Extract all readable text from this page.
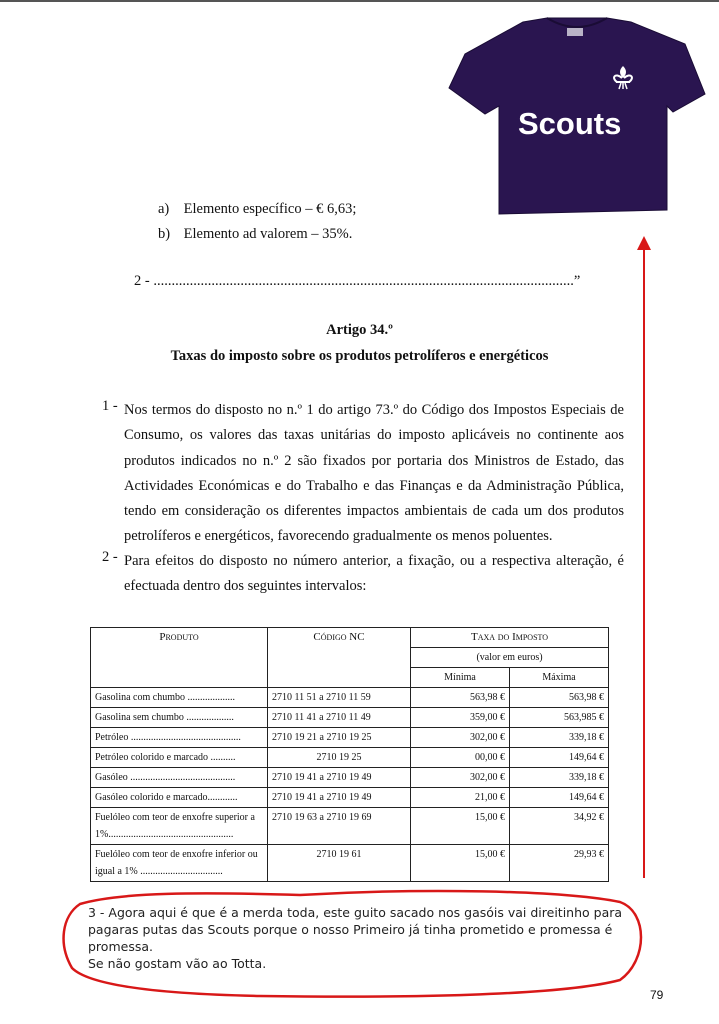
Scouts
a) Elemento específico – € 6,63;
b) Elemento ad valorem – 35%.
2 - ....................................................................................................................”
Artigo 34.º
Taxas do imposto sobre os produtos petrolíferos e energéticos
1 - Nos termos do disposto no n.º 1 do artigo 73.º do Código dos Impostos Especiais de Consumo, os valores das taxas unitárias do imposto aplicáveis no continente aos produtos indicados no n.º 2 são fixados por portaria dos Ministros de Estado, das Actividades Económicas e do Trabalho e das Finanças e da Administração Pública, tendo em consideração os diferentes impactos ambientais de cada um dos produtos petrolíferos e energéticos, favorecendo gradualmente os menos poluentes.
2 - Para efeitos do disposto no número anterior, a fixação, ou a respectiva alteração, é efectuada dentro dos seguintes intervalos:
Produto	Código NC	Taxa do Imposto	
		(valor em euros)	
		Mínima	Máxima
Gasolina com chumbo ...................	2710 11 51 a 2710 11 59	563,98 €	563,98 €
Gasolina sem chumbo ...................	2710 11 41 a 2710 11 49	359,00 €	563,985 €
Petróleo ............................................	2710 19 21 a 2710 19 25	302,00 €	339,18 €
Petróleo colorido e marcado ..........	2710 19 25	00,00 €	149,64 €
Gasóleo ..........................................	2710 19 41 a 2710 19 49	302,00 €	339,18 €
Gasóleo colorido e marcado............	2710 19 41 a 2710 19 49	21,00 €	149,64 €
Fuelóleo com teor de enxofre superior a 1%..................................................	2710 19 63 a 2710 19 69	15,00 €	34,92 €
Fuelóleo com teor de enxofre inferior ou igual a 1% .................................	2710 19 61	15,00 €	29,93 €
3 - Agora aqui é que é a merda toda, este guito sacado nos gasóis vai direitinho para pagaras putas das Scouts porque o nosso Primeiro já tinha prometido e promessa é promessa.
Se não gostam vão ao Totta.
79
